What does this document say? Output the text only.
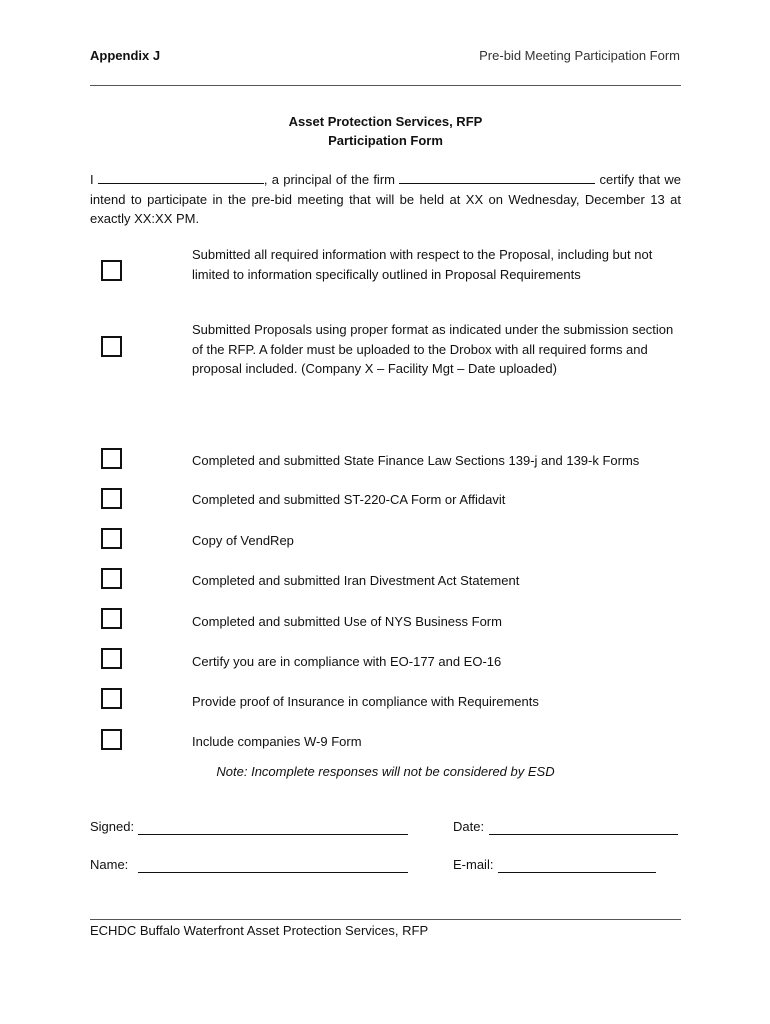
Appendix J	Pre-bid Meeting Participation Form
Asset Protection Services, RFP
Participation Form
I	, a principal of the firm	certify that we intend to participate in the pre-bid meeting that will be held at XX on Wednesday, December 13 at exactly XX:XX PM.
Submitted all required information with respect to the Proposal, including but not limited to information specifically outlined in Proposal Requirements
Submitted Proposals using proper format as indicated under the submission section of the RFP. A folder must be uploaded to the Drobox with all required forms and proposal included. (Company X – Facility Mgt – Date uploaded)
Completed and submitted State Finance Law Sections 139-j and 139-k Forms
Completed and submitted ST-220-CA Form or Affidavit
Copy of VendRep
Completed and submitted Iran Divestment Act Statement
Completed and submitted Use of NYS Business Form
Certify you are in compliance with EO-177 and EO-16
Provide proof of Insurance in compliance with Requirements
Include companies W-9 Form
Note: Incomplete responses will not be considered by ESD
Signed:	Date:
Name:	E-mail:
ECHDC Buffalo Waterfront Asset Protection Services, RFP
